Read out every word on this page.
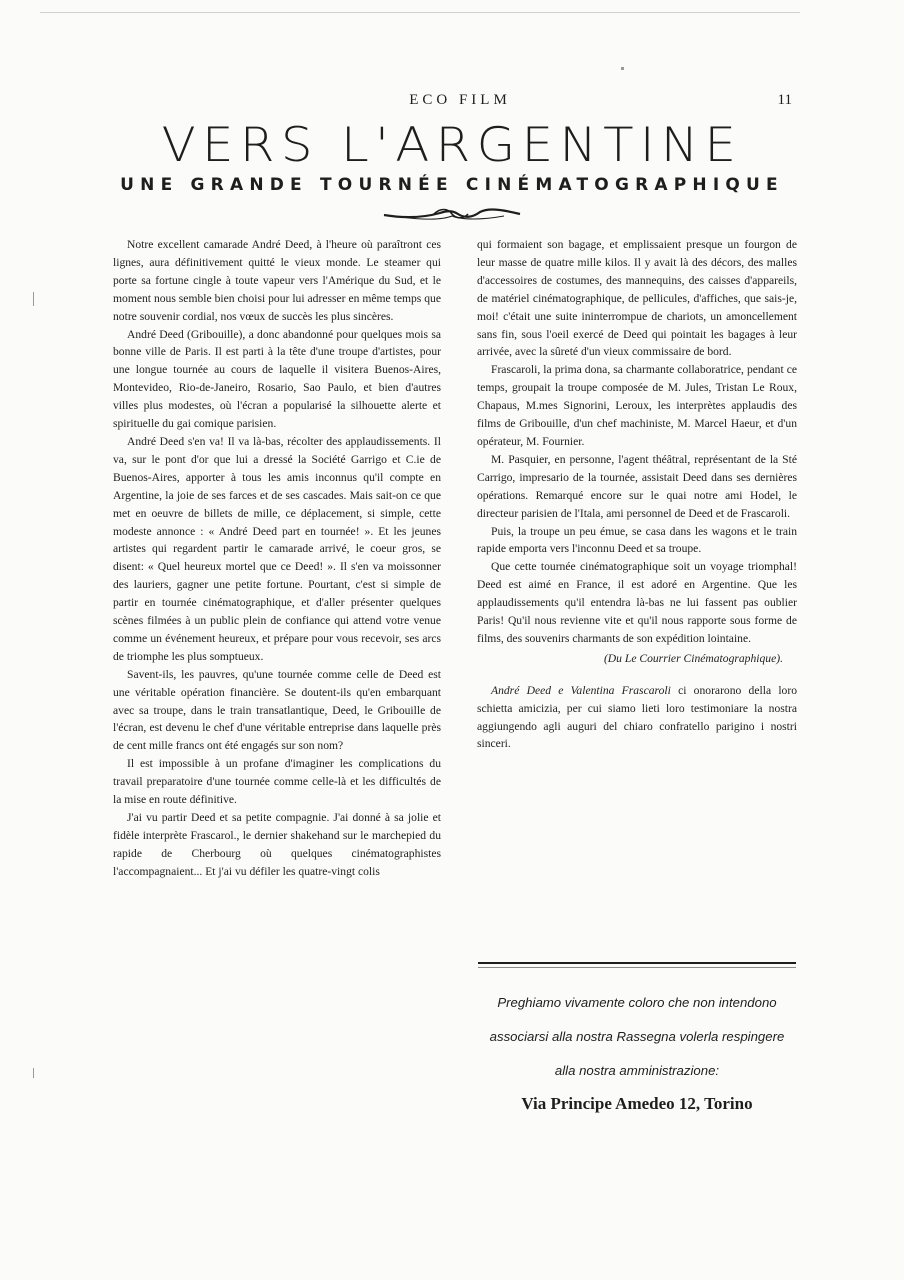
ECO FILM	11
VERS L'ARGENTINE
UNE GRANDE TOURNÉE CINÉMATOGRAPHIQUE

Notre excellent camarade André Deed, à l'heure où paraîtront ces lignes, aura définitivement quitté le vieux monde. Le steamer qui porte sa fortune cingle à toute vapeur vers l'Amérique du Sud, et le moment nous semble bien choisi pour lui adresser en même temps que notre souvenir cordial, nos vœux de succès les plus sincères.

André Deed (Gribouille), a donc abandonné pour quelques mois sa bonne ville de Paris. Il est parti à la tête d'une troupe d'artistes, pour une longue tournée au cours de laquelle il visitera Buenos-Aires, Montevideo, Rio-de-Janeiro, Rosario, Sao Paulo, et bien d'autres villes plus modestes, où l'écran a popularisé la silhouette alerte et spirituelle du gai comique parisien.

André Deed s'en va! Il va là-bas, récolter des applaudissements. Il va, sur le pont d'or que lui a dressé la Société Garrigo et C.ie de Buenos-Aires, apporter à tous les amis inconnus qu'il compte en Argentine, la joie de ses farces et de ses cascades. Mais sait-on ce que met en oeuvre de billets de mille, ce déplacement, si simple, cette modeste annonce : « André Deed part en tournée! ». Et les jeunes artistes qui regardent partir le camarade arrivé, le coeur gros, se disent: « Quel heureux mortel que ce Deed! ». Il s'en va moissonner des lauriers, gagner une petite fortune. Pourtant, c'est si simple de partir en tournée cinématographique, et d'aller présenter quelques scènes filmées à un public plein de confiance qui attend votre venue comme un événement heureux, et prépare pour vous recevoir, ses arcs de triomphe les plus somptueux.

Savent-ils, les pauvres, qu'une tournée comme celle de Deed est une véritable opération financière. Se doutent-ils qu'en embarquant avec sa troupe, dans le train transatlantique, Deed, le Gribouille de l'écran, est devenu le chef d'une véritable entreprise dans laquelle près de cent mille francs ont été engagés sur son nom?

Il est impossible à un profane d'imaginer les complications du travail preparatoire d'une tournée comme celle-là et les difficultés de la mise en route définitive.

J'ai vu partir Deed et sa petite compagnie. J'ai donné à sa jolie et fidèle interprète Frascarol., le dernier shakehand sur le marchepied du rapide de Cherbourg où quelques cinématographistes l'accompagnaient... Et j'ai vu défiler les quatre-vingt colis

qui formaient son bagage, et emplissaient presque un fourgon de leur masse de quatre mille kilos. Il y avait là des décors, des malles d'accessoires de costumes, des mannequins, des caisses d'appareils, de matériel cinématographique, de pellicules, d'affiches, que sais-je, moi! c'était une suite ininterrompue de chariots, un amoncellement sans fin, sous l'oeil exercé de Deed qui pointait les bagages à leur arrivée, avec la sûreté d'un vieux commissaire de bord.

Frascaroli, la prima dona, sa charmante collaboratrice, pendant ce temps, groupait la troupe composée de M. Jules, Tristan Le Roux, Chapaus, M.mes Signorini, Leroux, les interprètes applaudis des films de Gribouille, d'un chef machiniste, M. Marcel Haeur, et d'un opérateur, M. Fournier.

M. Pasquier, en personne, l'agent théâtral, représentant de la Sté Carrigo, impresario de la tournée, assistait Deed dans ses dernières opérations. Remarqué encore sur le quai notre ami Hodel, le directeur parisien de l'Itala, ami personnel de Deed et de Frascaroli.

Puis, la troupe un peu émue, se casa dans les wagons et le train rapide emporta vers l'inconnu Deed et sa troupe.

Que cette tournée cinématographique soit un voyage triomphal! Deed est aimé en France, il est adoré en Argentine. Que les applaudissements qu'il entendra là-bas ne lui fassent pas oublier Paris! Qu'il nous revienne vite et qu'il nous rapporte sous forme de films, des souvenirs charmants de son expédition lointaine.

(Du Le Courrier Cinématographique).

André Deed e Valentina Frascaroli ci onorarono della loro schietta amicizia, per cui siamo lieti loro testimoniare la nostra aggiungendo agli auguri del chiaro confratello parigino i nostri sinceri.

Preghiamo vivamente coloro che non intendono associarsi alla nostra Rassegna volerla respingere alla nostra amministrazione:

Via Principe Amedeo 12, Torino
